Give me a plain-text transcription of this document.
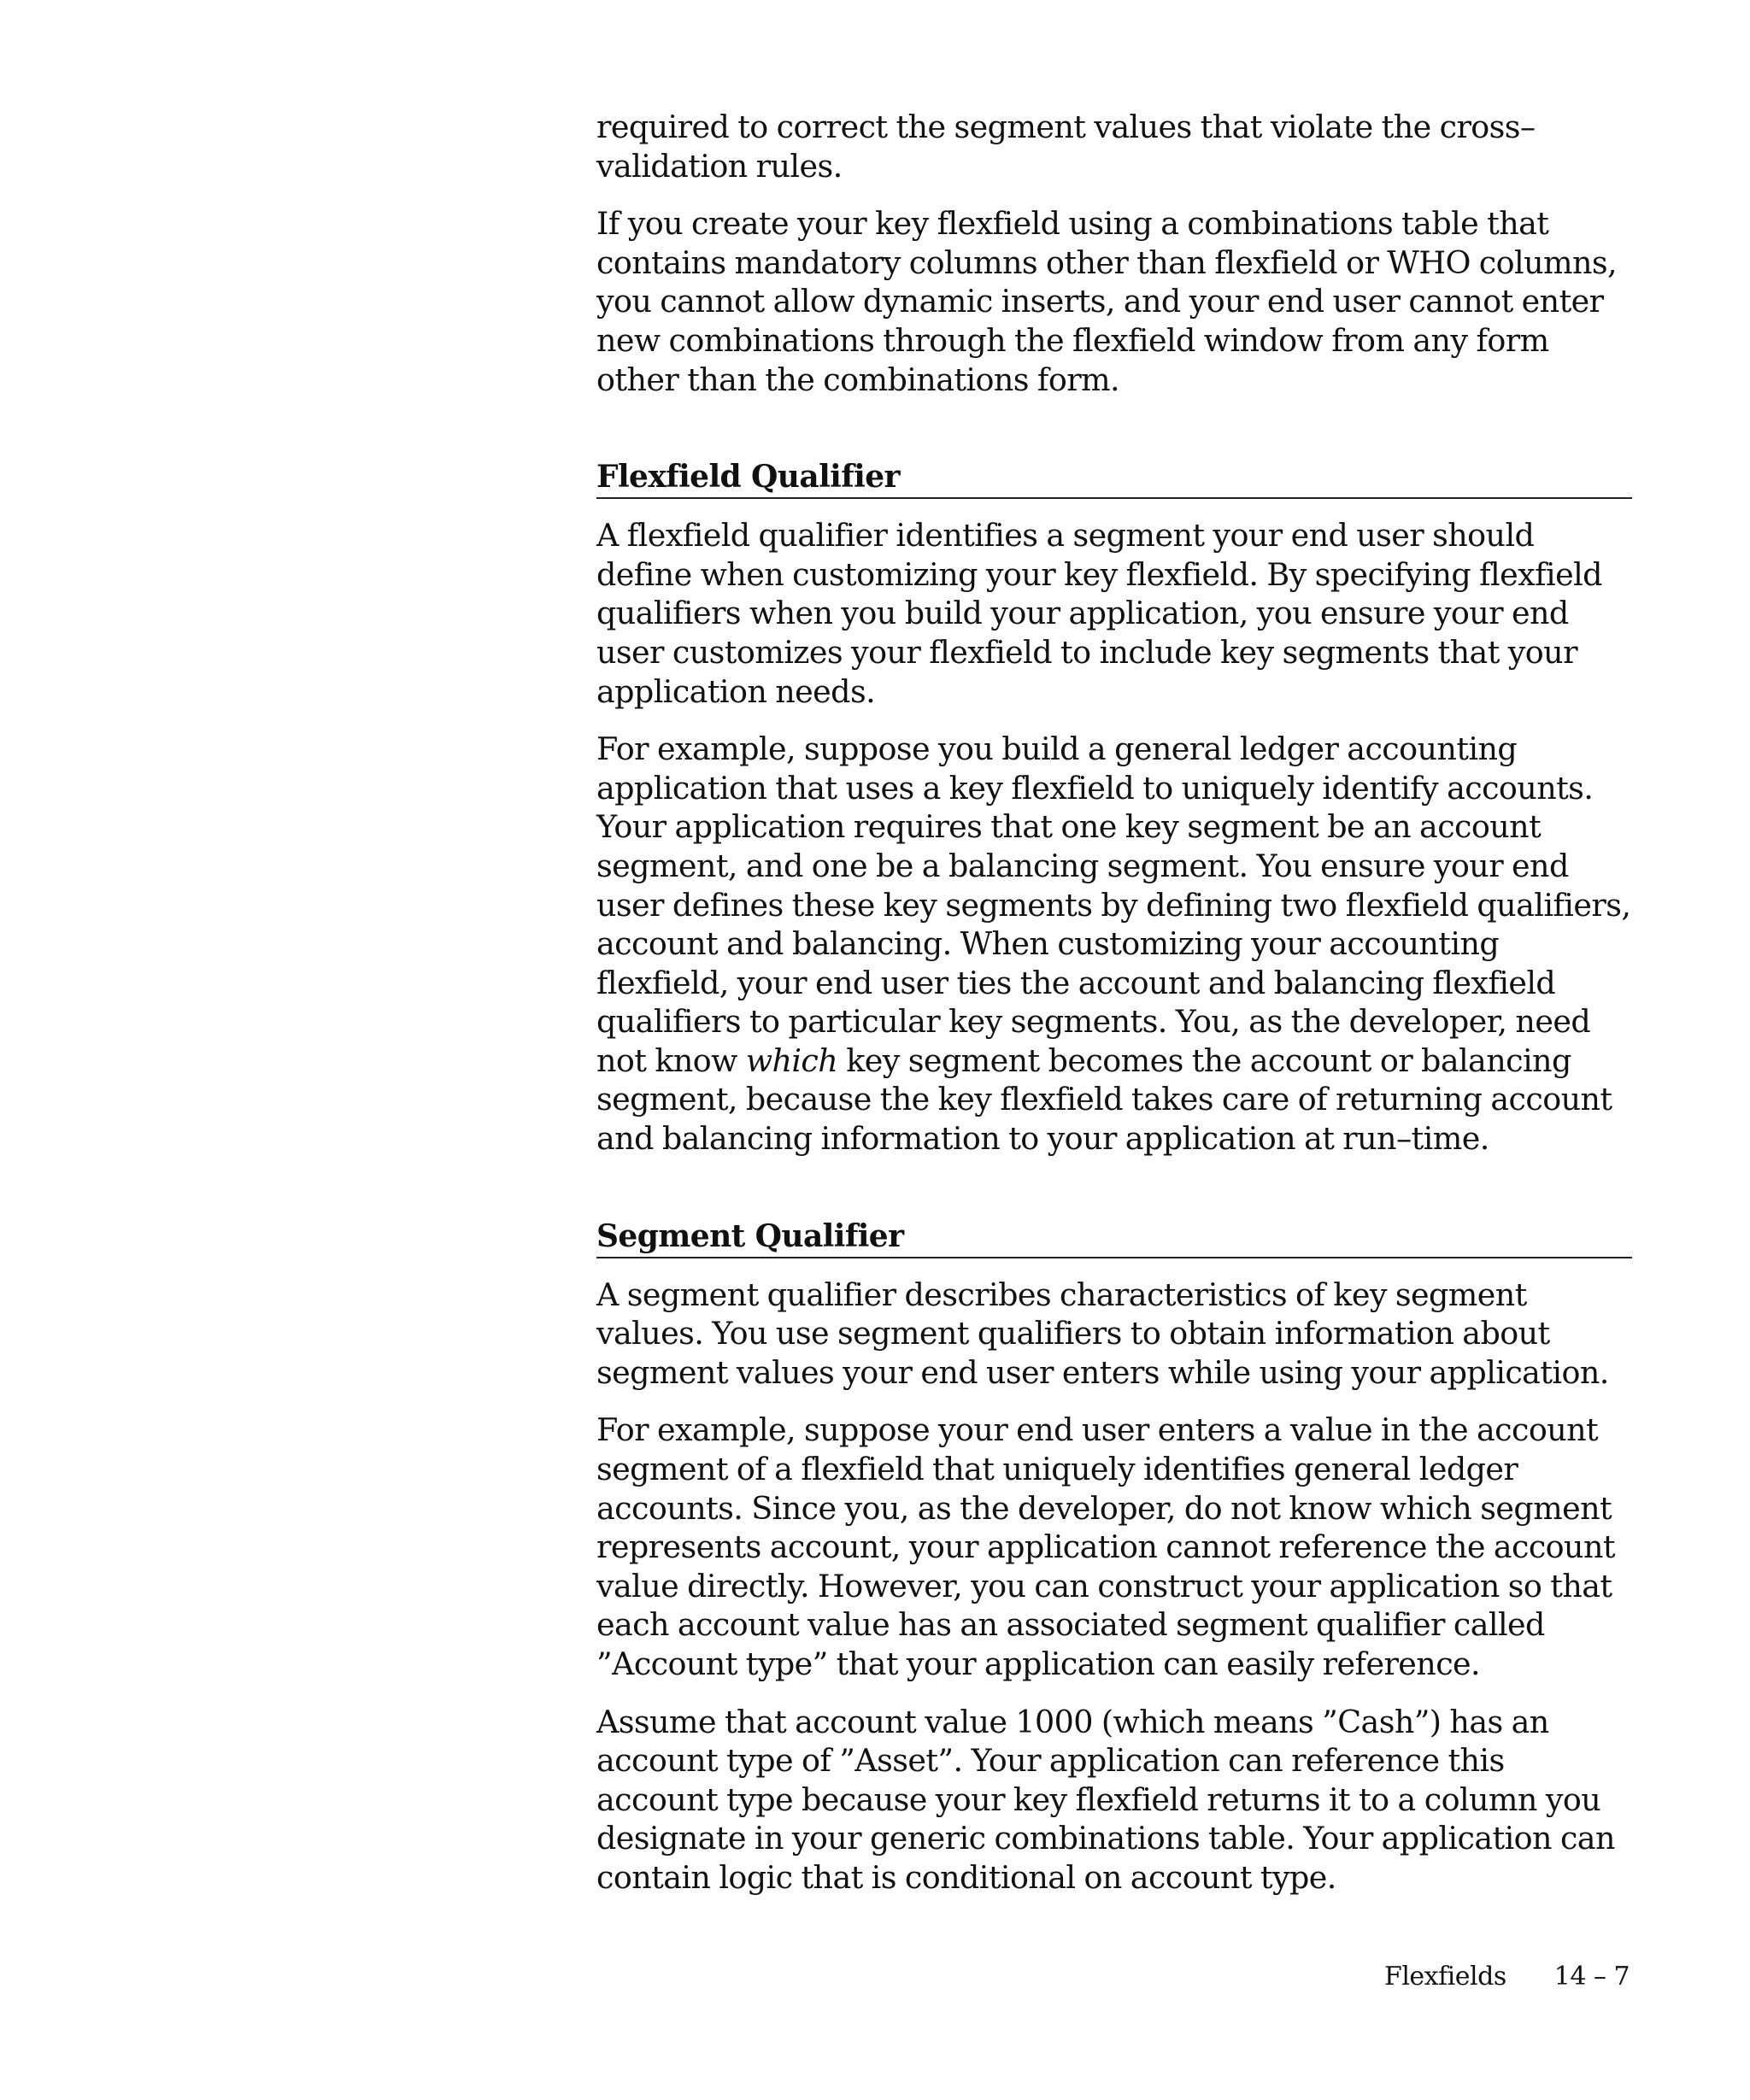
required to correct the segment values that violate the cross–validation rules.

If you create your key flexfield using a combinations table that contains mandatory columns other than flexfield or WHO columns, you cannot allow dynamic inserts, and your end user cannot enter new combinations through the flexfield window from any form other than the combinations form.

Flexfield Qualifier

A flexfield qualifier identifies a segment your end user should define when customizing your key flexfield. By specifying flexfield qualifiers when you build your application, you ensure your end user customizes your flexfield to include key segments that your application needs.

For example, suppose you build a general ledger accounting application that uses a key flexfield to uniquely identify accounts. Your application requires that one key segment be an account segment, and one be a balancing segment. You ensure your end user defines these key segments by defining two flexfield qualifiers, account and balancing. When customizing your accounting flexfield, your end user ties the account and balancing flexfield qualifiers to particular key segments. You, as the developer, need not know which key segment becomes the account or balancing segment, because the key flexfield takes care of returning account and balancing information to your application at run–time.

Segment Qualifier

A segment qualifier describes characteristics of key segment values. You use segment qualifiers to obtain information about segment values your end user enters while using your application.

For example, suppose your end user enters a value in the account segment of a flexfield that uniquely identifies general ledger accounts. Since you, as the developer, do not know which segment represents account, your application cannot reference the account value directly. However, you can construct your application so that each account value has an associated segment qualifier called ”Account type” that your application can easily reference.

Assume that account value 1000 (which means ”Cash”) has an account type of ”Asset”. Your application can reference this account type because your key flexfield returns it to a column you designate in your generic combinations table. Your application can contain logic that is conditional on account type.

Flexfields 14 – 7
